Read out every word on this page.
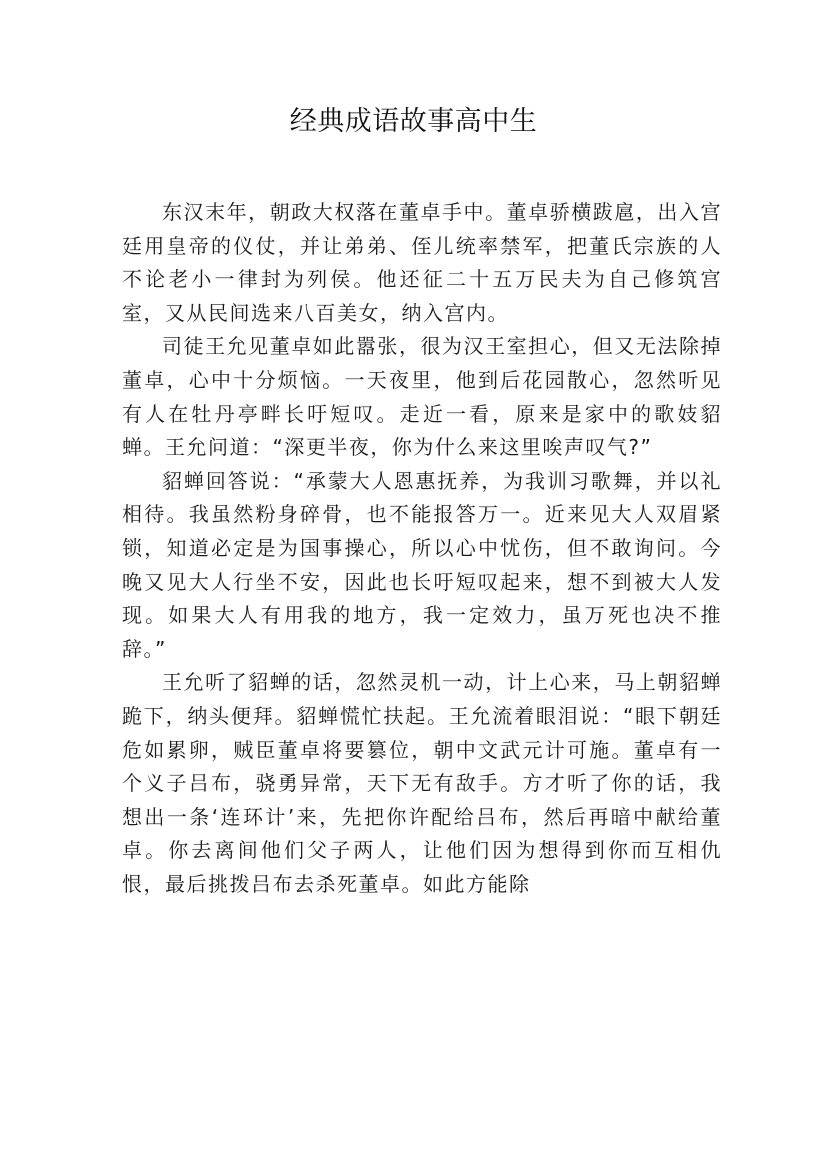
经典成语故事高中生

东汉末年，朝政大权落在董卓手中。董卓骄横跋扈，出入宫廷用皇帝的仪仗，并让弟弟、侄儿统率禁军，把董氏宗族的人不论老小一律封为列侯。他还征二十五万民夫为自己修筑宫室，又从民间选来八百美女，纳入宫内。

司徒王允见董卓如此嚣张，很为汉王室担心，但又无法除掉董卓，心中十分烦恼。一天夜里，他到后花园散心，忽然听见有人在牡丹亭畔长吁短叹。走近一看，原来是家中的歌妓貂蝉。王允问道：“深更半夜，你为什么来这里唉声叹气?”

貂蝉回答说：“承蒙大人恩惠抚养，为我训习歌舞，并以礼相待。我虽然粉身碎骨，也不能报答万一。近来见大人双眉紧锁，知道必定是为国事操心，所以心中忧伤，但不敢询问。今晚又见大人行坐不安，因此也长吁短叹起来，想不到被大人发现。如果大人有用我的地方，我一定效力，虽万死也决不推辞。”

王允听了貂蝉的话，忽然灵机一动，计上心来，马上朝貂蝉跪下，纳头便拜。貂蝉慌忙扶起。王允流着眼泪说：“眼下朝廷危如累卵，贼臣董卓将要篡位，朝中文武元计可施。董卓有一个义子吕布，骁勇异常，天下无有敌手。方才听了你的话，我想出一条‘连环计’来，先把你许配给吕布，然后再暗中献给董卓。你去离间他们父子两人，让他们因为想得到你而互相仇恨，最后挑拨吕布去杀死董卓。如此方能除
